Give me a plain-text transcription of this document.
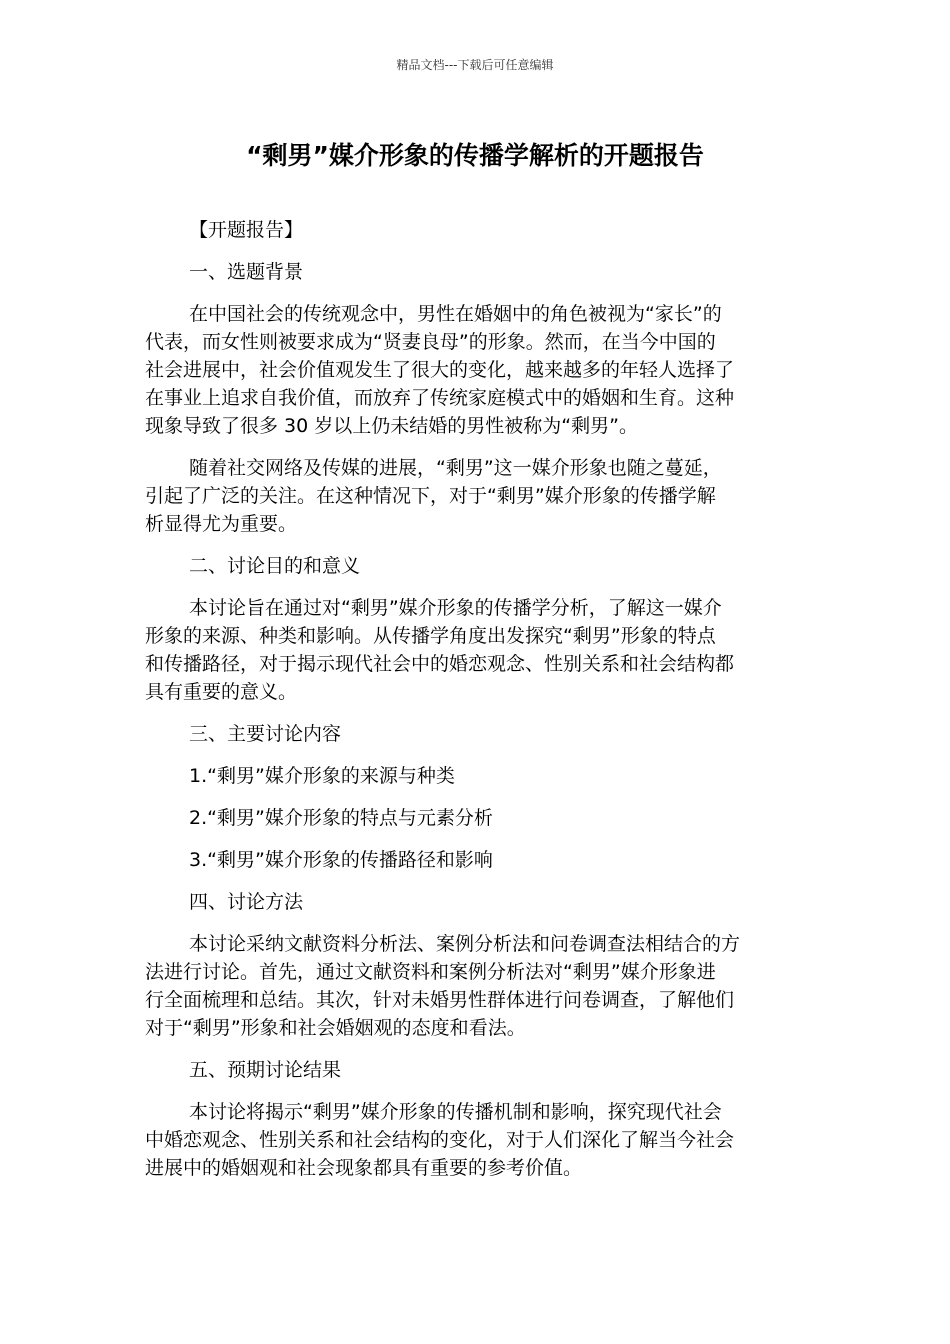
精品文档---下载后可任意编辑
“剩男”媒介形象的传播学解析的开题报告

【开题报告】

一、选题背景

在中国社会的传统观念中，男性在婚姻中的角色被视为“家长”的

代表，而女性则被要求成为“贤妻良母”的形象。然而，在当今中国的

社会进展中，社会价值观发生了很大的变化，越来越多的年轻人选择了

在事业上追求自我价值，而放弃了传统家庭模式中的婚姻和生育。这种

现象导致了很多 30 岁以上仍未结婚的男性被称为“剩男”。

随着社交网络及传媒的进展，“剩男”这一媒介形象也随之蔓延，

引起了广泛的关注。在这种情况下，对于“剩男”媒介形象的传播学解

析显得尤为重要。

二、讨论目的和意义

本讨论旨在通过对“剩男”媒介形象的传播学分析，了解这一媒介

形象的来源、种类和影响。从传播学角度出发探究“剩男”形象的特点

和传播路径，对于揭示现代社会中的婚恋观念、性别关系和社会结构都

具有重要的意义。

三、主要讨论内容

1.“剩男”媒介形象的来源与种类

2.“剩男”媒介形象的特点与元素分析

3.“剩男”媒介形象的传播路径和影响

四、讨论方法

本讨论采纳文献资料分析法、案例分析法和问卷调查法相结合的方

法进行讨论。首先，通过文献资料和案例分析法对“剩男”媒介形象进

行全面梳理和总结。其次，针对未婚男性群体进行问卷调查，了解他们

对于“剩男”形象和社会婚姻观的态度和看法。

五、预期讨论结果

本讨论将揭示“剩男”媒介形象的传播机制和影响，探究现代社会

中婚恋观念、性别关系和社会结构的变化，对于人们深化了解当今社会

进展中的婚姻观和社会现象都具有重要的参考价值。
